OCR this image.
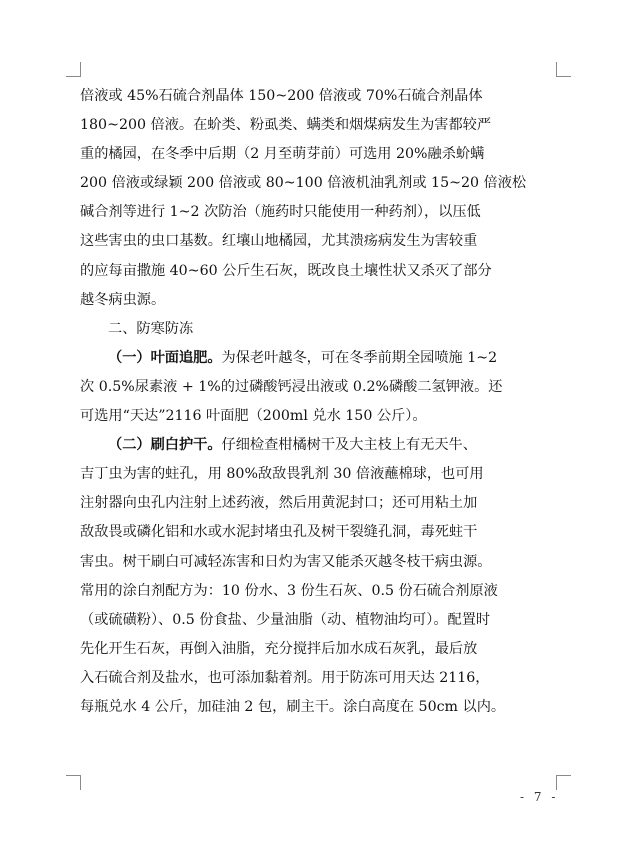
倍液或 45%石硫合剂晶体 150~200 倍液或 70%石硫合剂晶体
180~200 倍液。在蚧类、粉虱类、螨类和烟煤病发生为害都较严
重的橘园，在冬季中后期（2 月至萌芽前）可选用 20%融杀蚧螨
200 倍液或绿颖 200 倍液或 80~100 倍液机油乳剂或 15~20 倍液松
碱合剂等进行 1~2 次防治（施药时只能使用一种药剂），以压低
这些害虫的虫口基数。红壤山地橘园，尤其溃疡病发生为害较重
的应每亩撒施 40~60 公斤生石灰，既改良土壤性状又杀灭了部分
越冬病虫源。
二、防寒防冻
（一）叶面追肥。为保老叶越冬，可在冬季前期全园喷施 1~2
次 0.5%尿素液 + 1%的过磷酸钙浸出液或 0.2%磷酸二氢钾液。还
可选用“天达”2116 叶面肥（200ml 兑水 150 公斤）。
（二）刷白护干。仔细检查柑橘树干及大主枝上有无天牛、
吉丁虫为害的蛀孔，用 80%敌敌畏乳剂 30 倍液蘸棉球，也可用
注射器向虫孔内注射上述药液，然后用黄泥封口；还可用粘土加
敌敌畏或磷化铝和水或水泥封堵虫孔及树干裂缝孔洞，毒死蛀干
害虫。树干刷白可减轻冻害和日灼为害又能杀灭越冬枝干病虫源。
常用的涂白剂配方为：10 份水、3 份生石灰、0.5 份石硫合剂原液
（或硫磺粉）、0.5 份食盐、少量油脂（动、植物油均可）。配置时
先化开生石灰，再倒入油脂，充分搅拌后加水成石灰乳，最后放
入石硫合剂及盐水，也可添加黏着剂。用于防冻可用天达 2116，
每瓶兑水 4 公斤，加硅油 2 包，刷主干。涂白高度在 50cm 以内。
- 7 -
